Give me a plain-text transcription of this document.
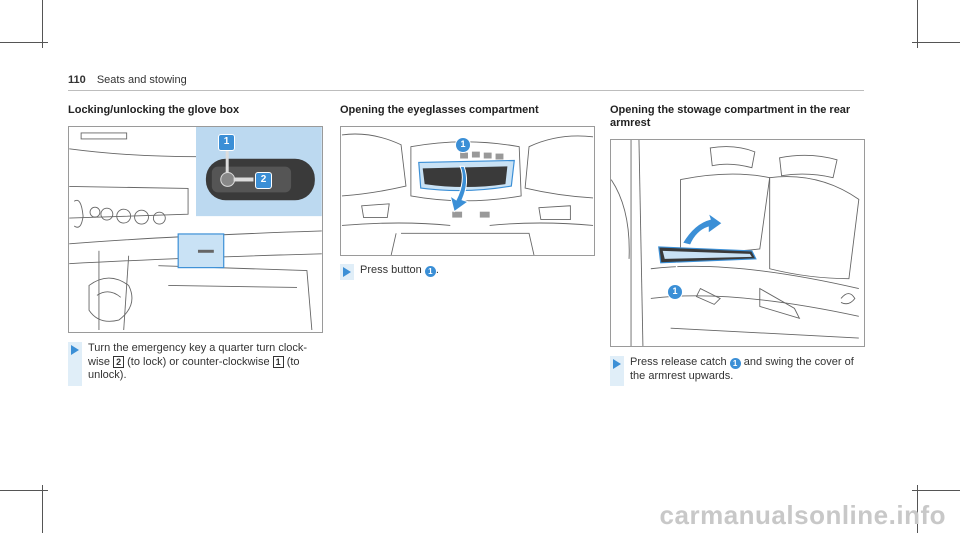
110 Seats and stowing
Locking/unlocking the glove box
1
2
Turn the emergency key a quarter turn clock-wise 2 (to lock) or counter-clockwise 1 (to unlock).
Opening the eyeglasses compartment
1
Press button 1 .
Opening the stowage compartment in the rear armrest
1
Press release catch 1 and swing the cover of the armrest upwards.
carmanualsonline.info
